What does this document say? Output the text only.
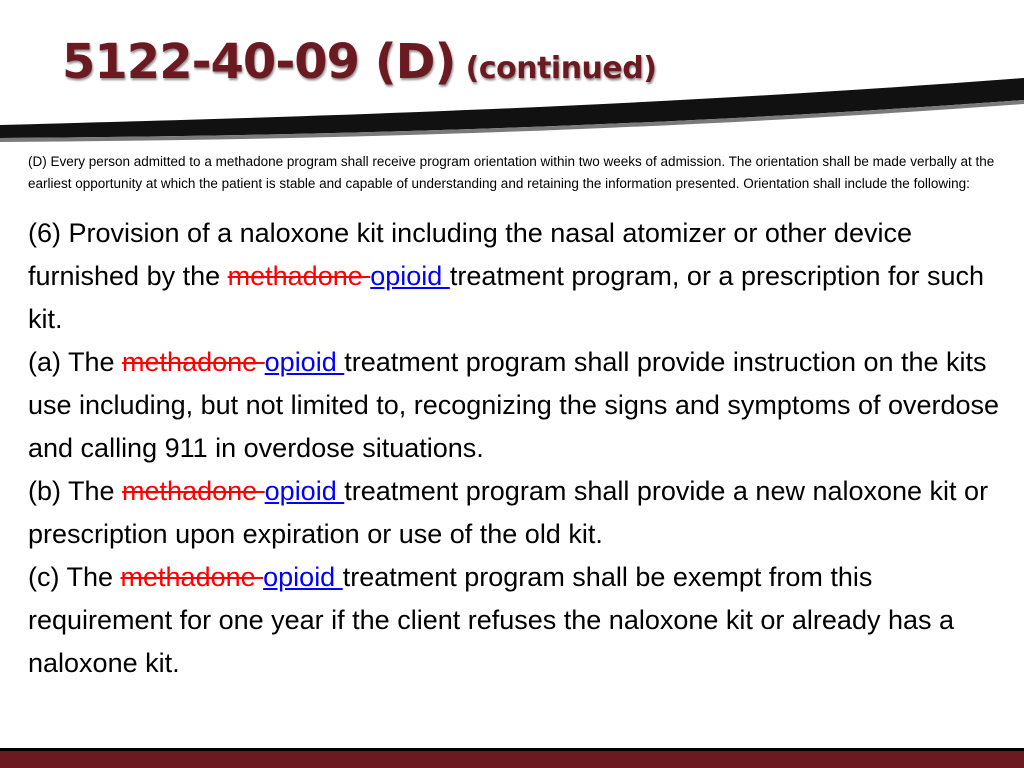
5122-40-09 (D) (continued)

(D) Every person admitted to a methadone program shall receive program orientation within two weeks of admission. The orientation shall be made verbally at the earliest opportunity at which the patient is stable and capable of understanding and retaining the information presented. Orientation shall include the following:

(6) Provision of a naloxone kit including the nasal atomizer or other device furnished by the methadone opioid treatment program, or a prescription for such kit.

(a) The methadone opioid treatment program shall provide instruction on the kits use including, but not limited to, recognizing the signs and symptoms of overdose and calling 911 in overdose situations.

(b) The methadone opioid treatment program shall provide a new naloxone kit or prescription upon expiration or use of the old kit.

(c) The methadone opioid treatment program shall be exempt from this requirement for one year if the client refuses the naloxone kit or already has a naloxone kit.
